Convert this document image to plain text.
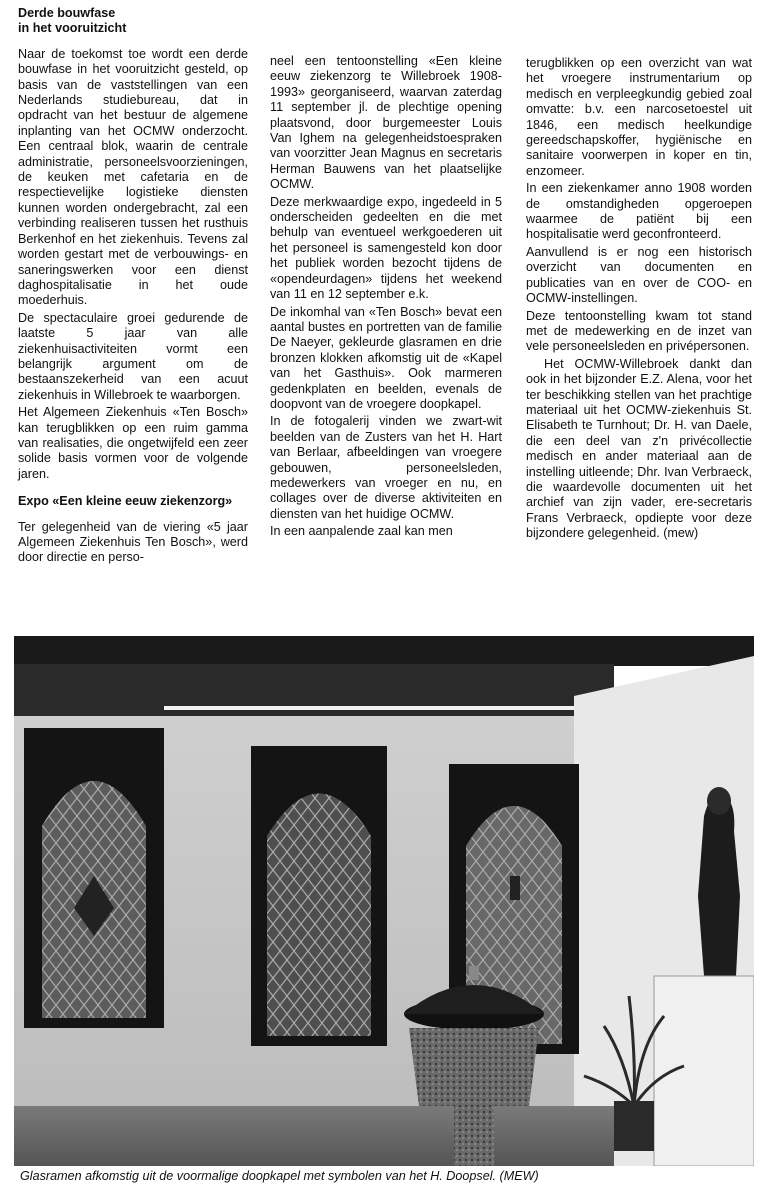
Derde bouwfase
in het vooruitzicht

Naar de toekomst toe wordt een derde bouwfase in het vooruitzicht gesteld, op basis van de vaststellingen van een Nederlands studiebureau, dat in opdracht van het bestuur de algemene inplanting van het OCMW onderzocht. Een centraal blok, waarin de centrale administratie, personeelsvoorzieningen, de keuken met cafetaria en de respectievelijke logistieke diensten kunnen worden ondergebracht, zal een verbinding realiseren tussen het rusthuis Berkenhof en het ziekenhuis. Tevens zal worden gestart met de verbouwings- en saneringswerken voor een dienst daghospitalisatie in het oude moederhuis.

De spectaculaire groei gedurende de laatste 5 jaar van alle ziekenhuisactiviteiten vormt een belangrijk argument om de bestaanszekerheid van een acuut ziekenhuis in Willebroek te waarborgen.

Het Algemeen Ziekenhuis «Ten Bosch» kan terugblikken op een ruim gamma van realisaties, die ongetwijfeld een zeer solide basis vormen voor de volgende jaren.

Expo «Een kleine eeuw ziekenzorg»

Ter gelegenheid van de viering «5 jaar Algemeen Ziekenhuis Ten Bosch», werd door directie en perso-

neel een tentoonstelling «Een kleine eeuw ziekenzorg te Willebroek 1908-1993» georganiseerd, waarvan zaterdag 11 september jl. de plechtige opening plaatsvond, door burgemeester Louis Van Ighem na gelegenheidstoespraken van voorzitter Jean Magnus en secretaris Herman Bauwens van het plaatselijke OCMW.

Deze merkwaardige expo, ingedeeld in 5 onderscheiden gedeelten en die met behulp van eventueel werkgoederen uit het personeel is samengesteld kon door het publiek worden bezocht tijdens de «opendeurdagen» tijdens het weekend van 11 en 12 september e.k.

De inkomhal van «Ten Bosch» bevat een aantal bustes en portretten van de familie De Naeyer, gekleurde glasramen en drie bronzen klokken afkomstig uit de «Kapel van het Gasthuis». Ook marmeren gedenkplaten en beelden, evenals de doopvont van de vroegere doopkapel.

In de fotogalerij vinden we zwart-wit beelden van de Zusters van het H. Hart van Berlaar, afbeeldingen van vroegere gebouwen, personeelsleden, medewerkers van vroeger en nu, en collages over de diverse aktiviteiten en diensten van het huidige OCMW.

In een aanpalende zaal kan men

terugblikken op een overzicht van wat het vroegere instrumentarium op medisch en verpleegkundig gebied zoal omvatte: b.v. een narcosetoestel uit 1846, een medisch heelkundige gereedschapskoffer, hygiënische en sanitaire voorwerpen in koper en tin, enzomeer.

In een ziekenkamer anno 1908 worden de omstandigheden opgeroepen waarmee de patiënt bij een hospitalisatie werd geconfronteerd.

Aanvullend is er nog een historisch overzicht van documenten en publicaties van en over de COO- en OCMW-instellingen.

Deze tentoonstelling kwam tot stand met de medewerking en de inzet van vele personeelsleden en privépersonen.

Het OCMW-Willebroek dankt dan ook in het bijzonder E.Z. Alena, voor het ter beschikking stellen van het prachtige materiaal uit het OCMW-ziekenhuis St. Elisabeth te Turnhout; Dr. H. van Daele, die een deel van z'n privécollectie medisch en ander materiaal aan de instelling uitleende; Dhr. Ivan Verbraeck, die waardevolle documenten uit het archief van zijn vader, ere-secretaris Frans Verbraeck, opdiepte voor deze bijzondere gelegenheid. (mew)

Glasramen afkomstig uit de voormalige doopkapel met symbolen van het H. Doopsel. (MEW)
